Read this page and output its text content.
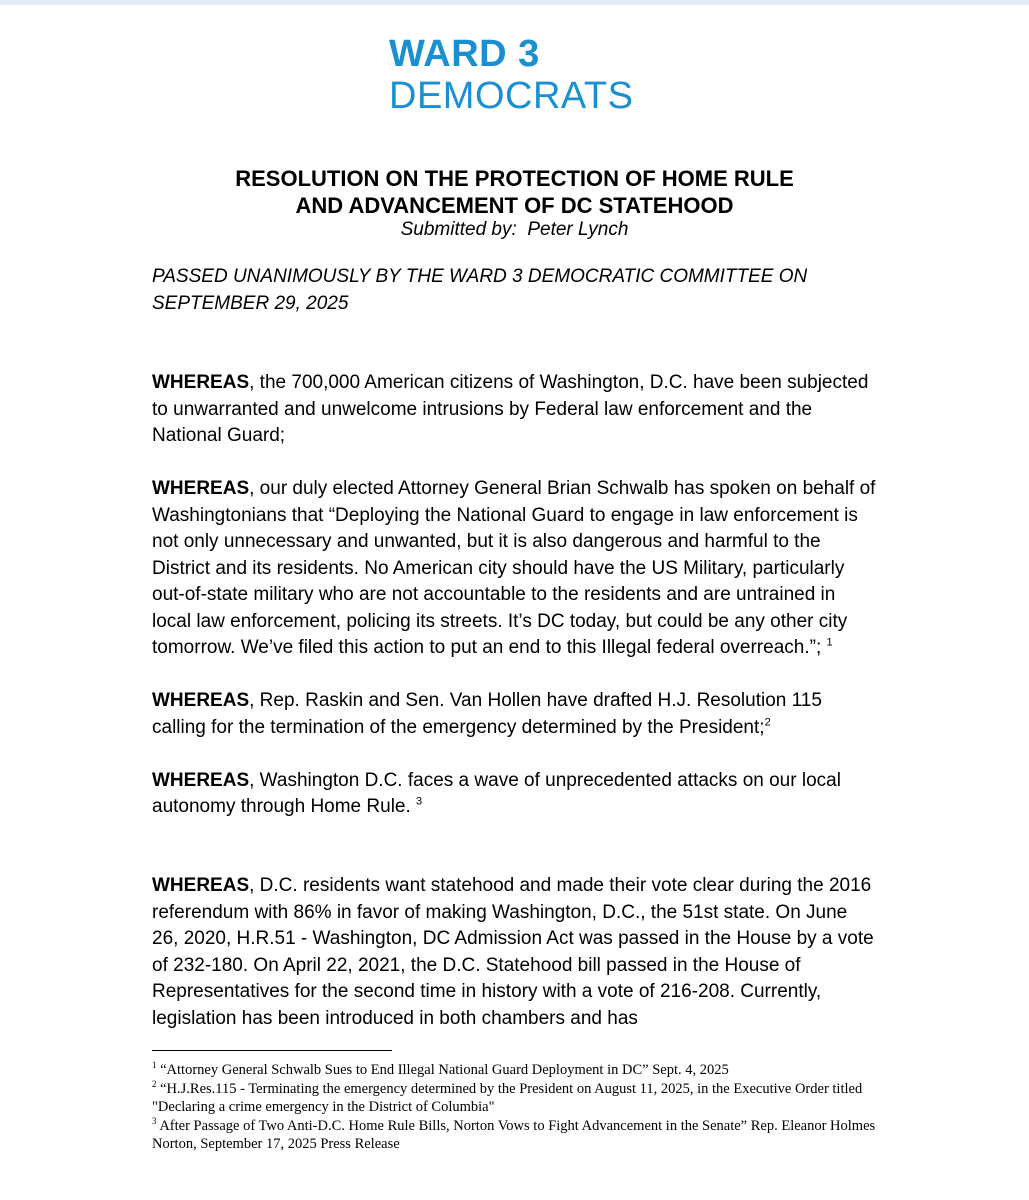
WARD 3
DEMOCRATS
RESOLUTION ON THE PROTECTION OF HOME RULE
AND ADVANCEMENT OF DC STATEHOOD
Submitted by:  Peter Lynch
PASSED UNANIMOUSLY BY THE WARD 3 DEMOCRATIC COMMITTEE ON SEPTEMBER 29, 2025

WHEREAS, the 700,000 American citizens of Washington, D.C. have been subjected to unwarranted and unwelcome intrusions by Federal law enforcement and the National Guard;

WHEREAS, our duly elected Attorney General Brian Schwalb has spoken on behalf of Washingtonians that “Deploying the National Guard to engage in law enforcement is not only unnecessary and unwanted, but it is also dangerous and harmful to the District and its residents. No American city should have the US Military, particularly out-of-state military who are not accountable to the residents and are untrained in local law enforcement, policing its streets. It’s DC today, but could be any other city tomorrow. We’ve filed this action to put an end to this Illegal federal overreach.”; $^1$

WHEREAS, Rep. Raskin and Sen. Van Hollen have drafted H.J. Resolution 115 calling for the termination of the emergency determined by the President;$^2$

WHEREAS, Washington D.C. faces a wave of unprecedented attacks on our local autonomy through Home Rule. $^3$

WHEREAS, D.C. residents want statehood and made their vote clear during the 2016 referendum with 86% in favor of making Washington, D.C., the 51st state. On June 26, 2020, H.R.51 - Washington, DC Admission Act was passed in the House by a vote of 232-180. On April 22, 2021, the D.C. Statehood bill passed in the House of Representatives for the second time in history with a vote of 216-208. Currently, legislation has been introduced in both chambers and has

$^1$ “Attorney General Schwalb Sues to End Illegal National Guard Deployment in DC” Sept. 4, 2025
$^2$ “H.J.Res.115 - Terminating the emergency determined by the President on August 11, 2025, in the Executive Order titled "Declaring a crime emergency in the District of Columbia"
$^3$ After Passage of Two Anti-D.C. Home Rule Bills, Norton Vows to Fight Advancement in the Senate” Rep. Eleanor Holmes Norton, September 17, 2025 Press Release
